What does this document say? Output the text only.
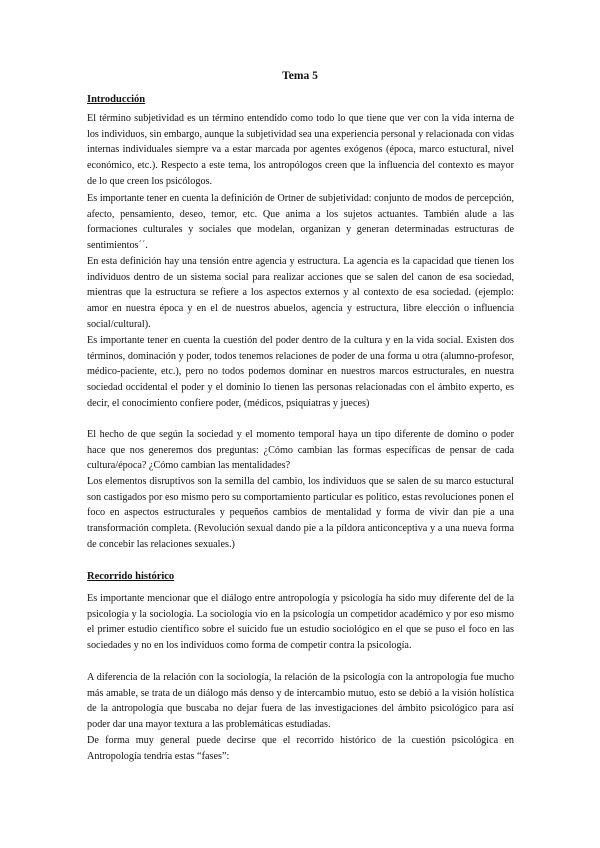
Tema 5
Introducción

El término subjetividad es un término entendido como todo lo que tiene que ver con la vida interna de los individuos, sin embargo, aunque la subjetividad sea una experiencia personal y relacionada con vidas internas individuales siempre va a estar marcada por agentes exógenos (época, marco estuctural, nivel económico, etc.). Respecto a este tema, los antropólogos creen que la influencia del contexto es mayor de lo que creen los psicólogos.

Es importante tener en cuenta la definición de Ortner de subjetividad: conjunto de modos de percepción, afecto, pensamiento, deseo, temor, etc. Que anima a los sujetos actuantes. También alude a las formaciones culturales y sociales que modelan, organizan y generan determinadas estructuras de sentimientos´´.

En esta definición hay una tensión entre agencia y estructura. La agencia es la capacidad que tienen los individuos dentro de un sistema social para realizar acciones que se salen del canon de esa sociedad, mientras que la estructura se refiere a los aspectos externos y al contexto de esa sociedad. (ejemplo: amor en nuestra época y en el de nuestros abuelos, agencia y estructura, libre elección o influencia social/cultural).

Es importante tener en cuenta la cuestión del poder dentro de la cultura y en la vida social. Existen dos términos, dominación y poder, todos tenemos relaciones de poder de una forma u otra (alumno-profesor, médico-paciente, etc.), pero no todos podemos dominar en nuestros marcos estructurales, en nuestra sociedad occidental el poder y el dominio lo tienen las personas relacionadas con el ámbito experto, es decir, el conocimiento confiere poder, (médicos, psiquiatras y jueces)

El hecho de que según la sociedad y el momento temporal haya un tipo diferente de domino o poder hace que nos generemos dos preguntas: ¿Cómo cambian las formas específicas de pensar de cada cultura/época? ¿Cómo cambian las mentalidades?

Los elementos disruptivos son la semilla del cambio, los individuos que se salen de su marco estuctural son castigados por eso mismo pero su comportamiento particular es político, estas revoluciones ponen el foco en aspectos estructurales y pequeños cambios de mentalidad y forma de vivir dan pie a una transformación completa. (Revolución sexual dando pie a la píldora anticonceptiva y a una nueva forma de concebir las relaciones sexuales.)

Recorrido histórico

Es importante mencionar que el diálogo entre antropología y psicología ha sido muy diferente del de la psicología y la sociología. La sociología vio en la psicología un competidor académico y por eso mismo el primer estudio científico sobre el suicido fue un estudio sociológico en el que se puso el foco en las sociedades y no en los individuos como forma de competir contra la psicología.

A diferencia de la relación con la sociología, la relación de la psicología con la antropología fue mucho más amable, se trata de un diálogo más denso y de intercambio mutuo, esto se debió a la visión holística de la antropología que buscaba no dejar fuera de las investigaciones del ámbito psicológico para así poder dar una mayor textura a las problemáticas estudiadas.

De forma muy general puede decirse que el recorrido histórico de la cuestión psicológica en Antropología tendría estas “fases”:
